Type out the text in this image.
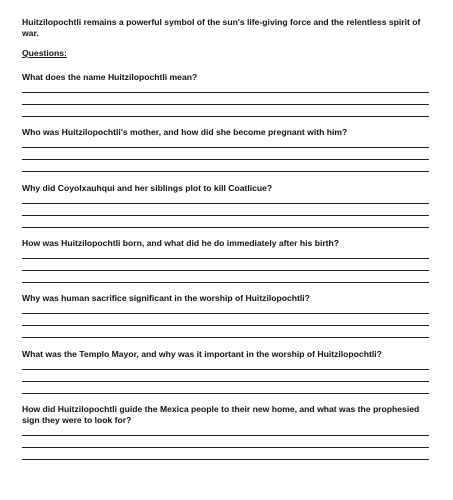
Huitzilopochtli remains a powerful symbol of the sun's life-giving force and the relentless spirit of war.

Questions:

What does the name Huitzilopochtli mean?

Who was Huitzilopochtli's mother, and how did she become pregnant with him?

Why did Coyolxauhqui and her siblings plot to kill Coatlicue?

How was Huitzilopochtli born, and what did he do immediately after his birth?

Why was human sacrifice significant in the worship of Huitzilopochtli?

What was the Templo Mayor, and why was it important in the worship of Huitzilopochtli?

How did Huitzilopochtli guide the Mexica people to their new home, and what was the prophesied sign they were to look for?
